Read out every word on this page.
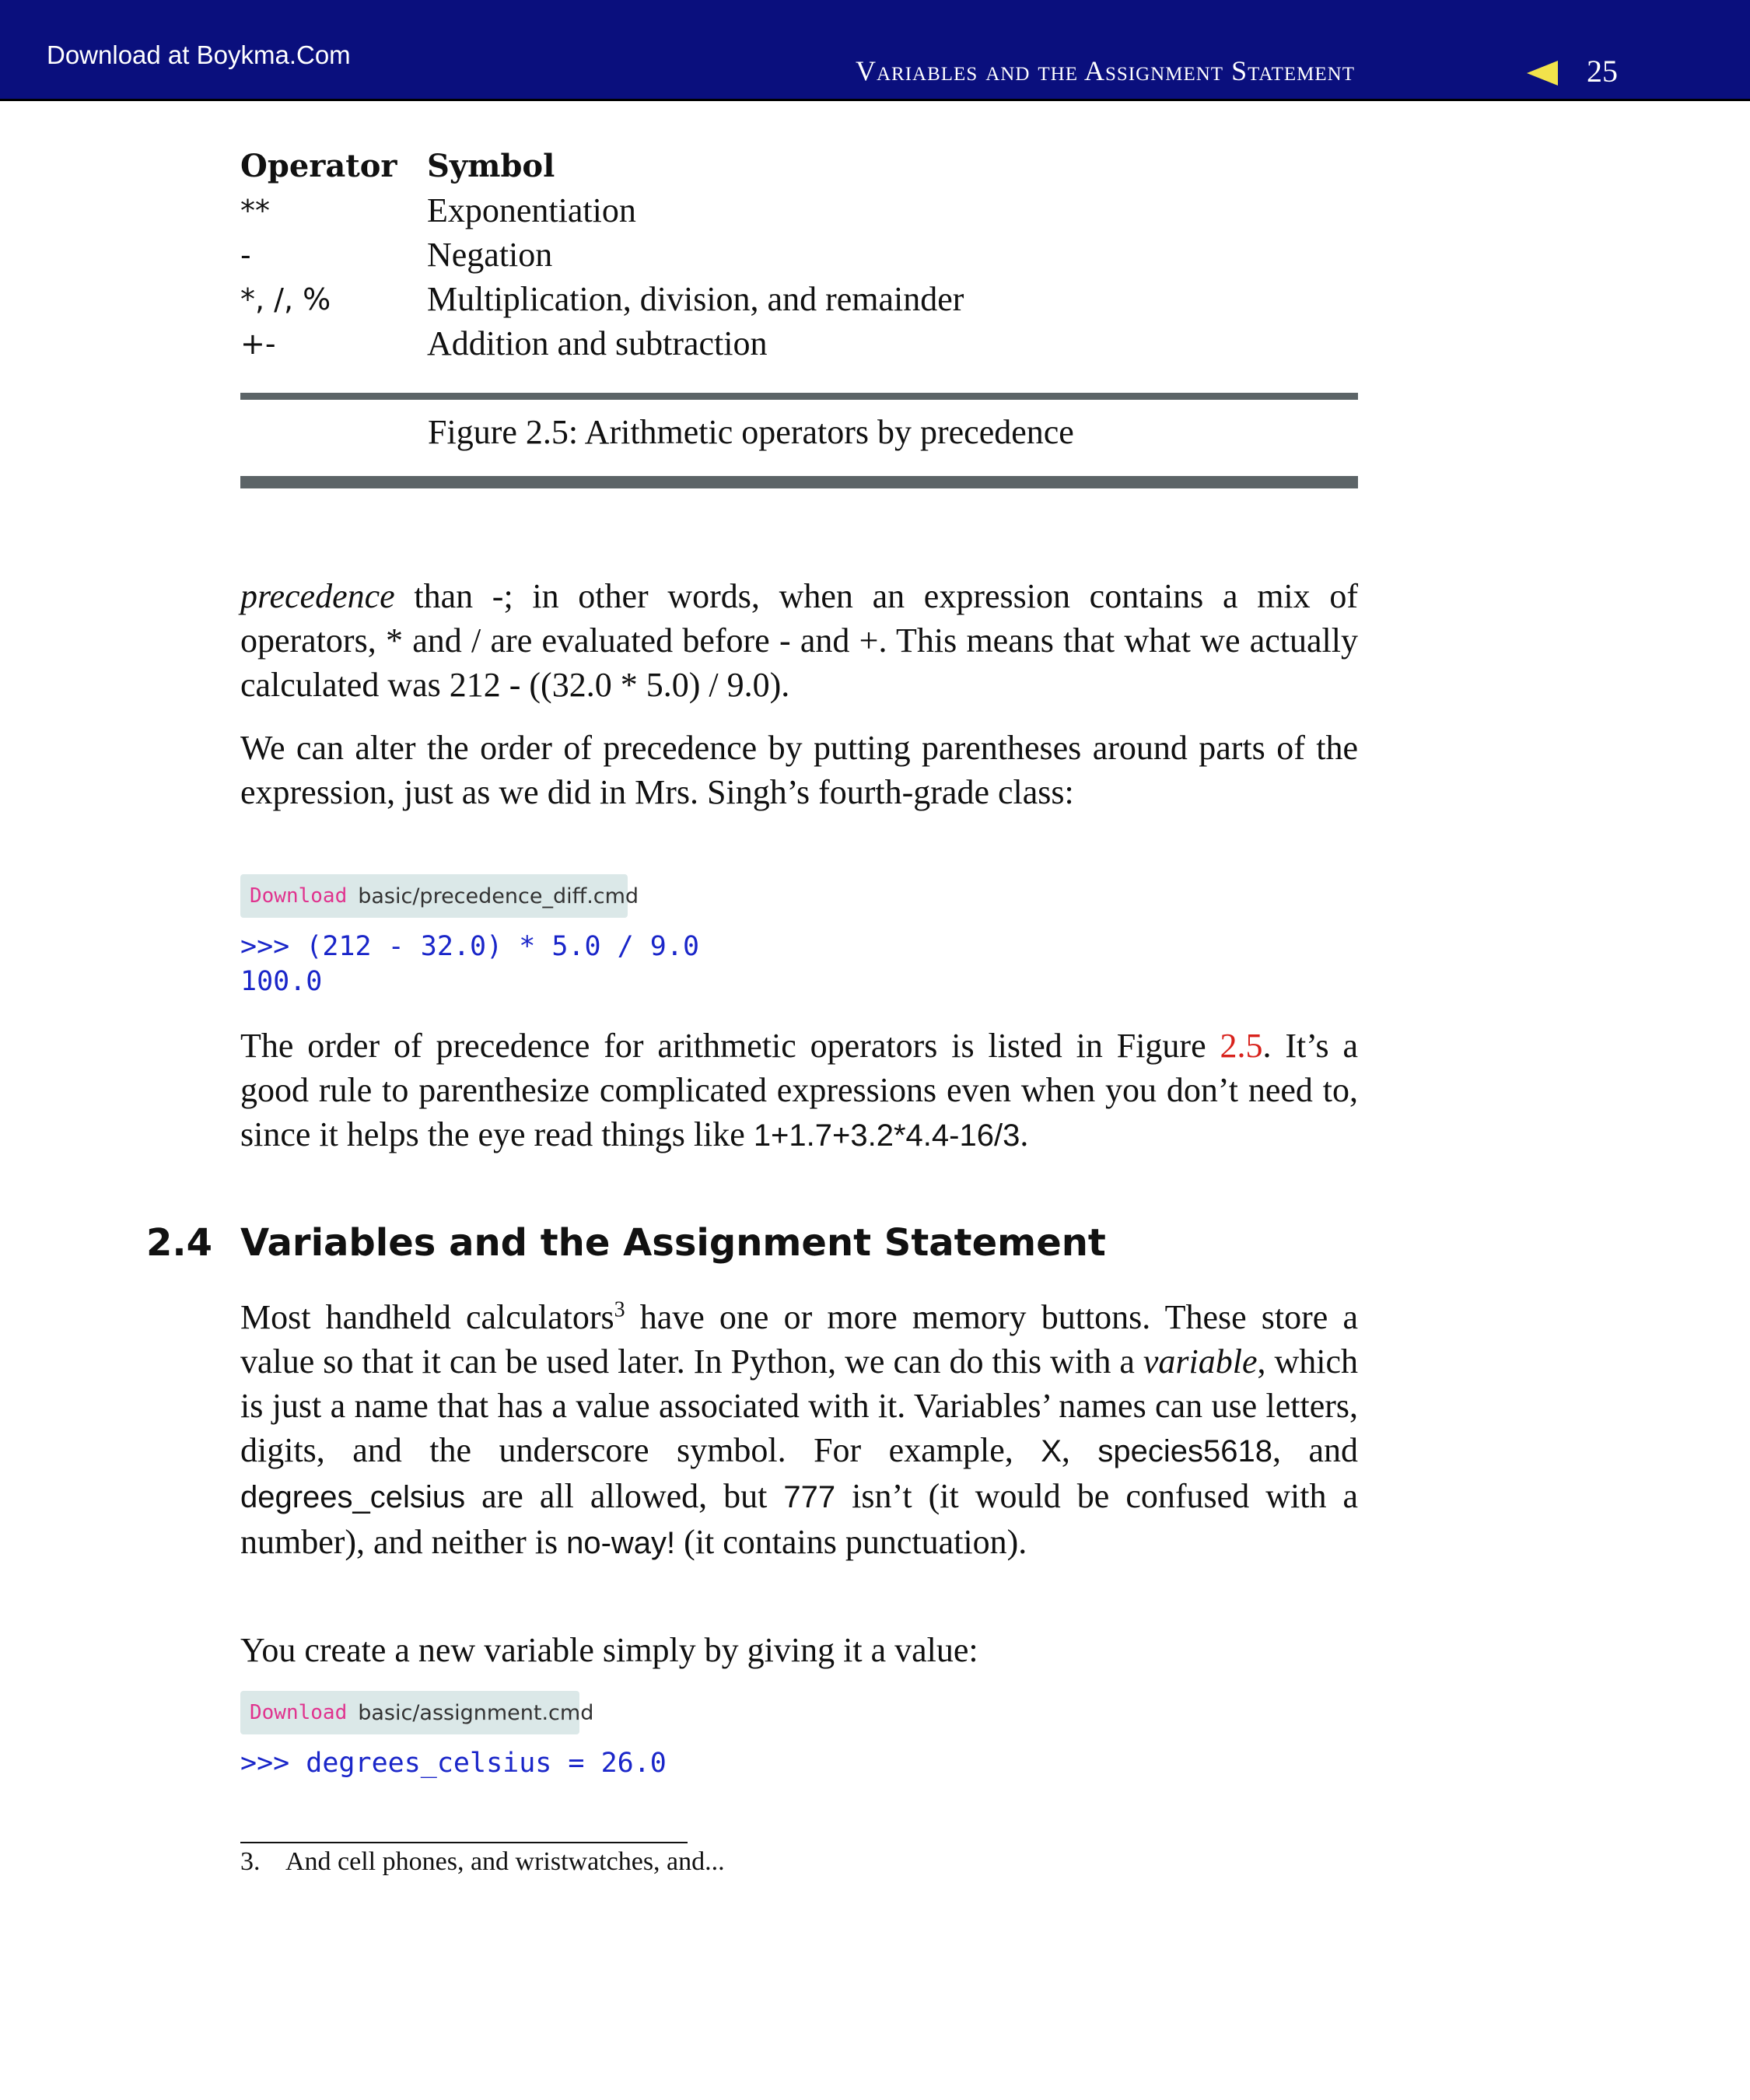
Download at Boykma.Com
Variables and the Assignment Statement	25
Operator Symbol
**	Exponentiation
-	Negation
*, /, %	Multiplication, division, and remainder
+-	Addition and subtraction
Figure 2.5: Arithmetic operators by precedence
precedence than -; in other words, when an expression contains a mix of operators, * and / are evaluated before - and +. This means that what we actually calculated was 212 - ((32.0 * 5.0) / 9.0).
We can alter the order of precedence by putting parentheses around parts of the expression, just as we did in Mrs. Singh’s fourth-grade class:
Download basic/precedence_diff.cmd
>>> (212 - 32.0) * 5.0 / 9.0
100.0
The order of precedence for arithmetic operators is listed in Figure 2.5. It’s a good rule to parenthesize complicated expressions even when you don’t need to, since it helps the eye read things like 1+1.7+3.2*4.4-16/3.
2.4 Variables and the Assignment Statement
Most handheld calculators$^3$ have one or more memory buttons. These store a value so that it can be used later. In Python, we can do this with a variable, which is just a name that has a value associated with it. Variables’ names can use letters, digits, and the underscore symbol. For example, X, species5618, and degrees_celsius are all allowed, but 777 isn’t (it would be confused with a number), and neither is no-way! (it contains punctuation).
You create a new variable simply by giving it a value:
Download basic/assignment.cmd
>>> degrees_celsius = 26.0
3. And cell phones, and wristwatches, and...
